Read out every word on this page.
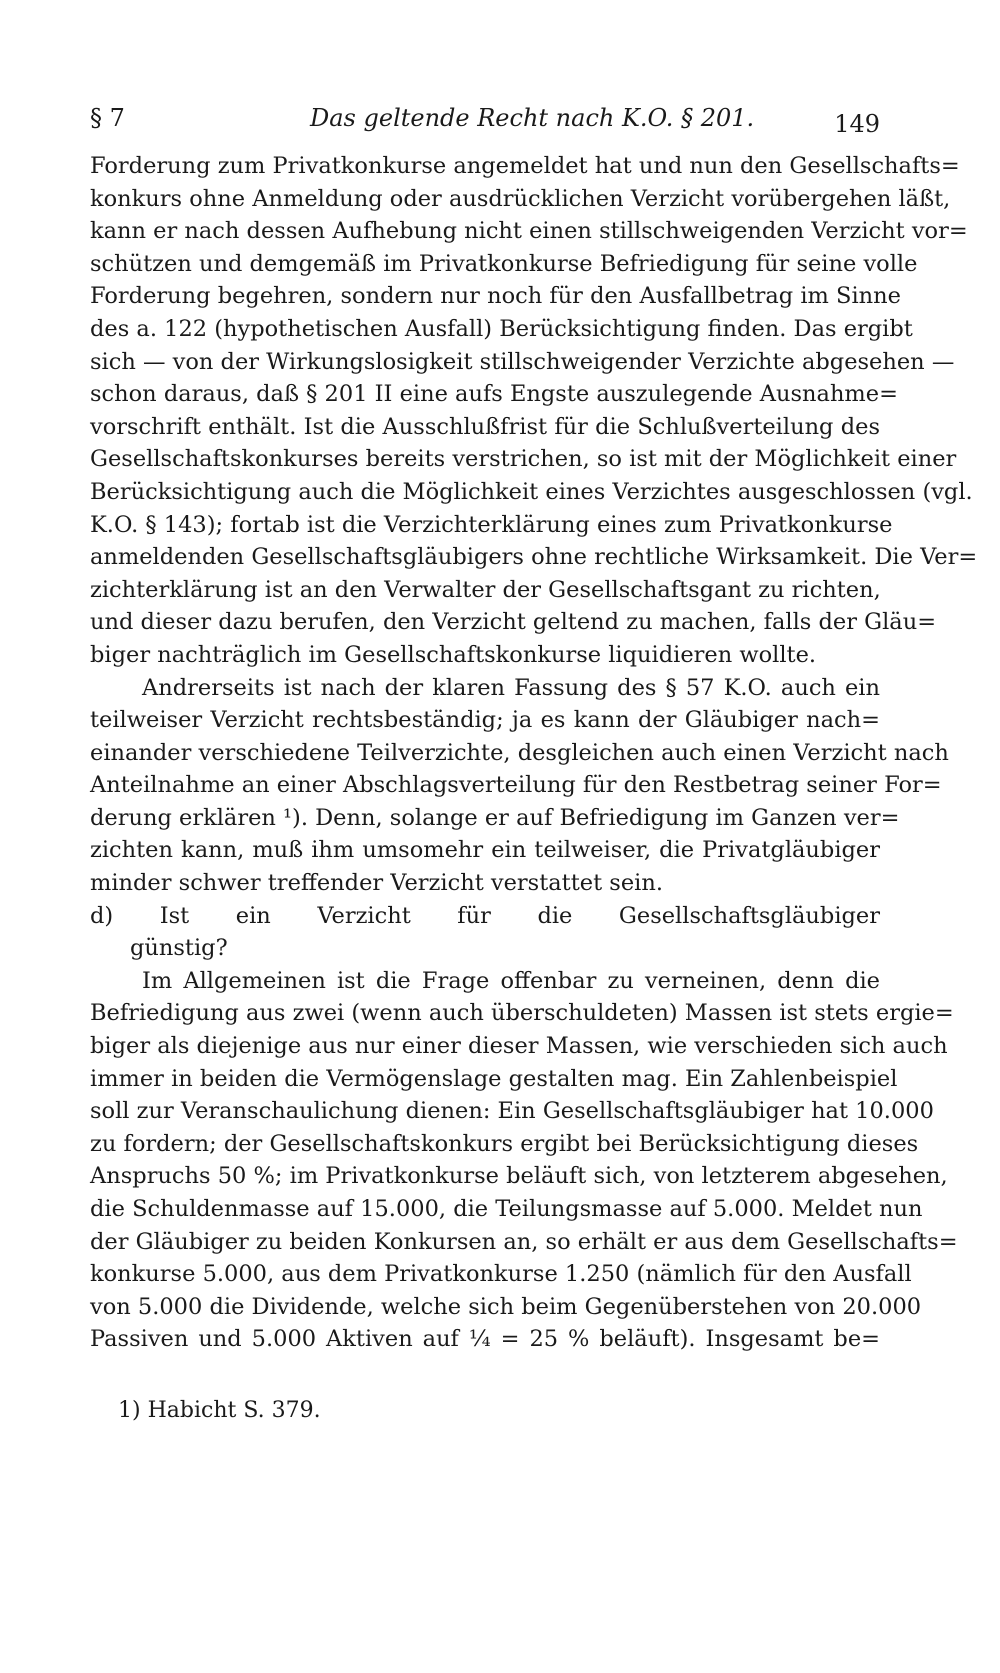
§ 7	Das geltende Recht nach K.O. § 201.	149
Forderung zum Privatkonkurse angemeldet hat und nun den Gesellschafts=
konkurs ohne Anmeldung oder ausdrücklichen Verzicht vorübergehen läßt,
kann er nach dessen Aufhebung nicht einen stillschweigenden Verzicht vor=
schützen und demgemäß im Privatkonkurse Befriedigung für seine volle
Forderung begehren, sondern nur noch für den Ausfallbetrag im Sinne
des a. 122 (hypothetischen Ausfall) Berücksichtigung finden. Das ergibt
sich — von der Wirkungslosigkeit stillschweigender Verzichte abgesehen —
schon daraus, daß § 201 II eine aufs Engste auszulegende Ausnahme=
vorschrift enthält. Ist die Ausschlußfrist für die Schlußverteilung des
Gesellschaftskonkurses bereits verstrichen, so ist mit der Möglichkeit einer
Berücksichtigung auch die Möglichkeit eines Verzichtes ausgeschlossen (vgl.
K.O. § 143); fortab ist die Verzichterklärung eines zum Privatkonkurse
anmeldenden Gesellschaftsgläubigers ohne rechtliche Wirksamkeit. Die Ver=
zichterklärung ist an den Verwalter der Gesellschaftsgant zu richten,
und dieser dazu berufen, den Verzicht geltend zu machen, falls der Gläu=
biger nachträglich im Gesellschaftskonkurse liquidieren wollte.
Andrerseits ist nach der klaren Fassung des § 57 K.O. auch ein
teilweiser Verzicht rechtsbeständig; ja es kann der Gläubiger nach=
einander verschiedene Teilverzichte, desgleichen auch einen Verzicht nach
Anteilnahme an einer Abschlagsverteilung für den Restbetrag seiner For=
derung erklären ¹). Denn, solange er auf Befriedigung im Ganzen ver=
zichten kann, muß ihm umsomehr ein teilweiser, die Privatgläubiger
minder schwer treffender Verzicht verstattet sein.
d) Ist ein Verzicht für die Gesellschaftsgläubiger
günstig?
Im Allgemeinen ist die Frage offenbar zu verneinen, denn die
Befriedigung aus zwei (wenn auch überschuldeten) Massen ist stets ergie=
biger als diejenige aus nur einer dieser Massen, wie verschieden sich auch
immer in beiden die Vermögenslage gestalten mag. Ein Zahlenbeispiel
soll zur Veranschaulichung dienen: Ein Gesellschaftsgläubiger hat 10.000
zu fordern; der Gesellschaftskonkurs ergibt bei Berücksichtigung dieses
Anspruchs 50 %; im Privatkonkurse beläuft sich, von letzterem abgesehen,
die Schuldenmasse auf 15.000, die Teilungsmasse auf 5.000. Meldet nun
der Gläubiger zu beiden Konkursen an, so erhält er aus dem Gesellschafts=
konkurse 5.000, aus dem Privatkonkurse 1.250 (nämlich für den Ausfall
von 5.000 die Dividende, welche sich beim Gegenüberstehen von 20.000
Passiven und 5.000 Aktiven auf ¼ = 25 % beläuft). Insgesamt be=
1) Habicht S. 379.
